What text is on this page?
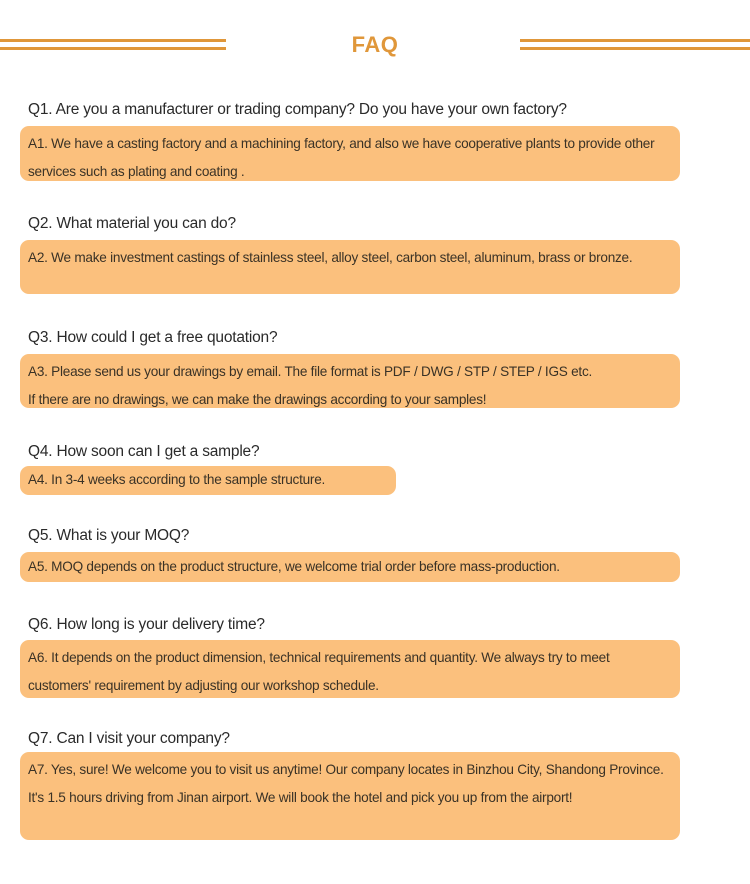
FAQ
Q1. Are you a manufacturer or trading company? Do you have your own factory?
A1. We have a casting factory and a machining factory, and also we have cooperative plants to provide other services such as plating and coating .
Q2. What material you can do?
A2. We make investment castings of stainless steel, alloy steel, carbon steel, aluminum, brass or bronze.
Q3. How could I get a free quotation?
A3. Please send us your drawings by email. The file format is PDF / DWG / STP / STEP / IGS etc.
If there are no drawings, we can make the drawings according to your samples!
Q4. How soon can I get a sample?
A4. In 3-4 weeks according to the sample structure.
Q5. What is your MOQ?
A5. MOQ depends on the product structure, we welcome trial order before mass-production.
Q6. How long is your delivery time?
A6. It depends on the product dimension, technical requirements and quantity. We always try to meet customers' requirement by adjusting our workshop schedule.
Q7. Can I visit your company?
A7. Yes, sure! We welcome you to visit us anytime! Our company locates in Binzhou City, Shandong Province. It's 1.5 hours driving from Jinan airport. We will book the hotel and pick you up from the airport!
